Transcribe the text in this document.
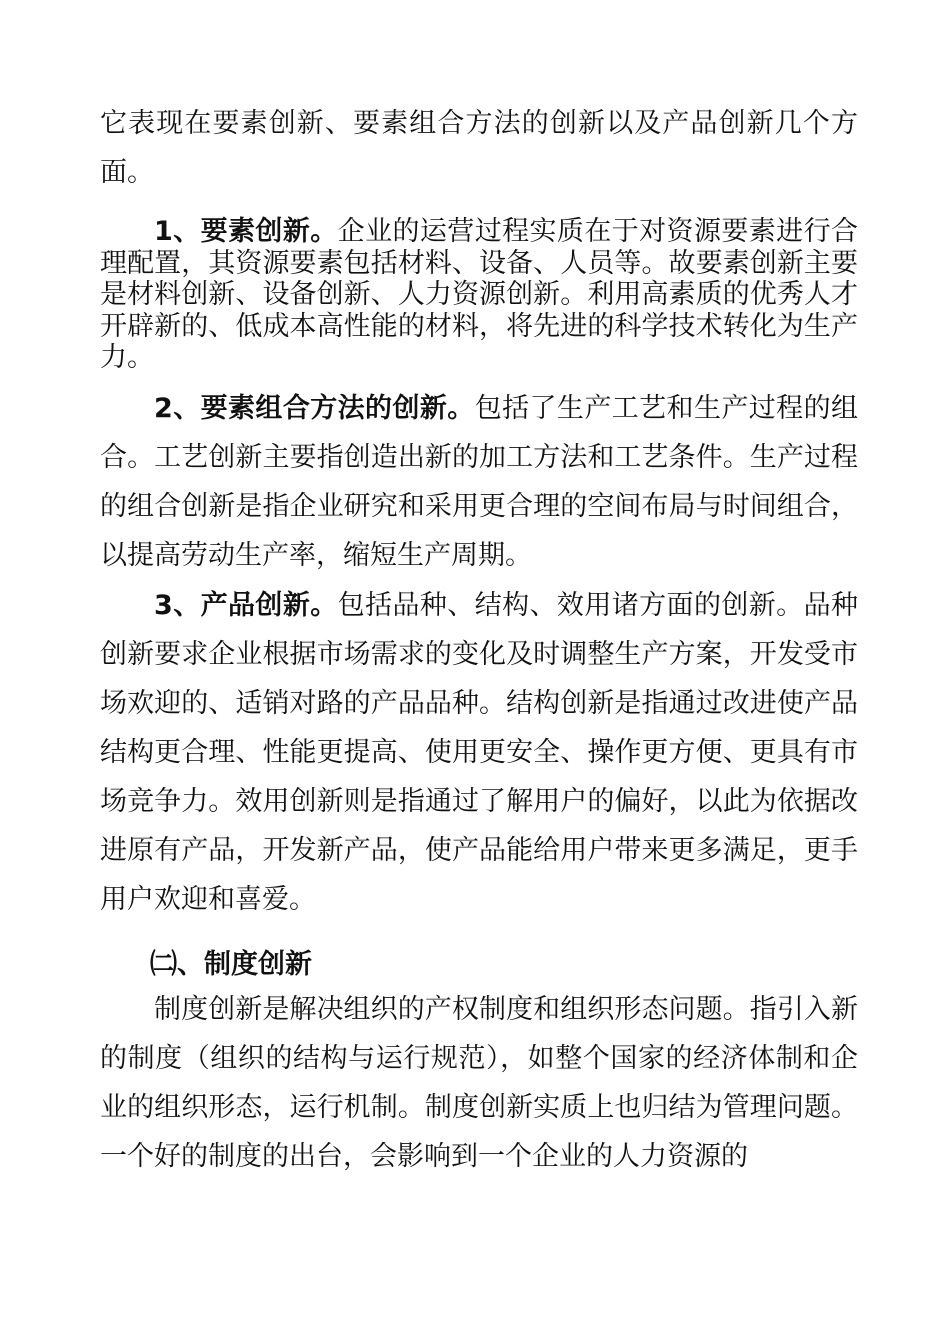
它表现在要素创新、要素组合方法的创新以及产品创新几个方面。

1、要素创新。企业的运营过程实质在于对资源要素进行合理配置，其资源要素包括材料、设备、人员等。故要素创新主要是材料创新、设备创新、人力资源创新。利用高素质的优秀人才开辟新的、低成本高性能的材料，将先进的科学技术转化为生产力。

2、要素组合方法的创新。包括了生产工艺和生产过程的组合。工艺创新主要指创造出新的加工方法和工艺条件。生产过程的组合创新是指企业研究和采用更合理的空间布局与时间组合，以提高劳动生产率，缩短生产周期。

3、产品创新。包括品种、结构、效用诸方面的创新。品种创新要求企业根据市场需求的变化及时调整生产方案，开发受市场欢迎的、适销对路的产品品种。结构创新是指通过改进使产品结构更合理、性能更提高、使用更安全、操作更方便、更具有市场竞争力。效用创新则是指通过了解用户的偏好，以此为依据改进原有产品，开发新产品，使产品能给用户带来更多满足，更手用户欢迎和喜爱。

㈡、制度创新

制度创新是解决组织的产权制度和组织形态问题。指引入新的制度（组织的结构与运行规范），如整个国家的经济体制和企业的组织形态，运行机制。制度创新实质上也归结为管理问题。一个好的制度的出台，会影响到一个企业的人力资源的
